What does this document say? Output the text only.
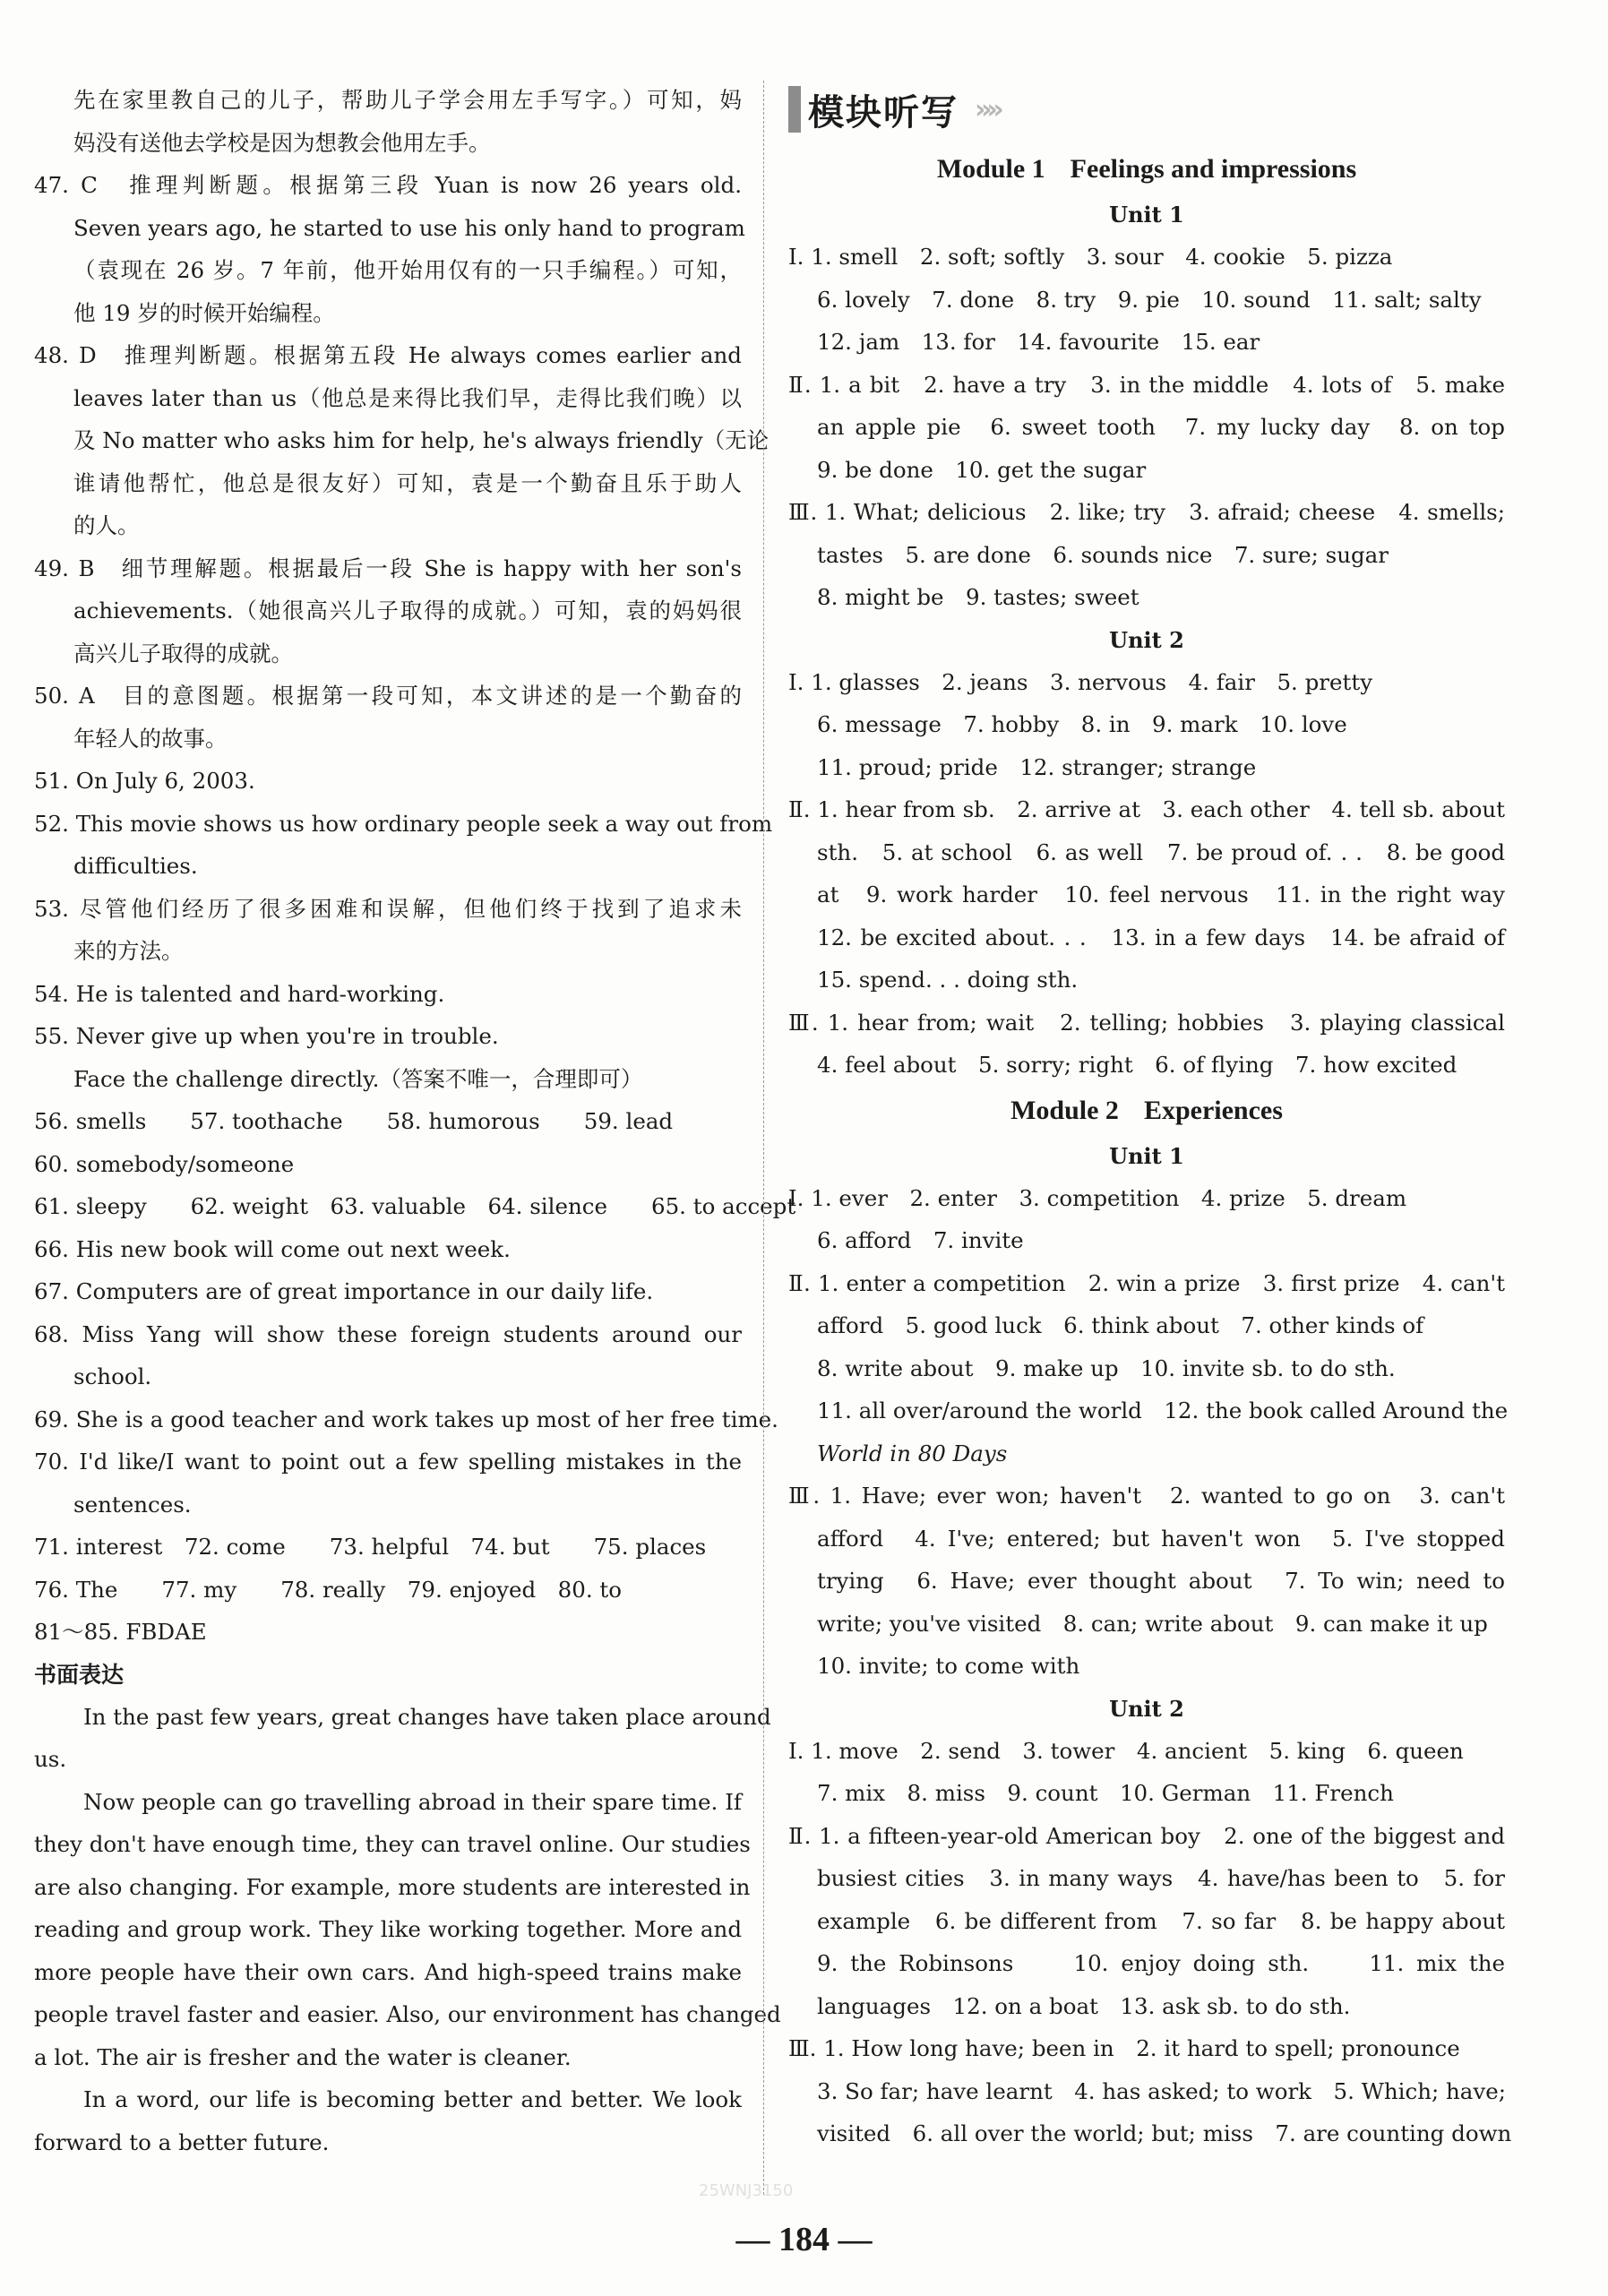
先在家里教自己的儿子，帮助儿子学会用左手写字。）可知，妈
妈没有送他去学校是因为想教会他用左手。
47. C　推理判断题。根据第三段 Yuan is now 26 years old.
Seven years ago, he started to use his only hand to program
（袁现在 26 岁。7 年前，他开始用仅有的一只手编程。）可知，
他 19 岁的时候开始编程。
48. D　推理判断题。根据第五段 He always comes earlier and
leaves later than us（他总是来得比我们早，走得比我们晚）以
及 No matter who asks him for help, he's always friendly（无论
谁请他帮忙，他总是很友好）可知，袁是一个勤奋且乐于助人
的人。
49. B　细节理解题。根据最后一段 She is happy with her son's
achievements.（她很高兴儿子取得的成就。）可知，袁的妈妈很
高兴儿子取得的成就。
50. A　目的意图题。根据第一段可知，本文讲述的是一个勤奋的
年轻人的故事。
51. On July 6, 2003.
52. This movie shows us how ordinary people seek a way out from
difficulties.
53. 尽管他们经历了很多困难和误解，但他们终于找到了追求未
来的方法。
54. He is talented and hard-working.
55. Never give up when you're in trouble.
Face the challenge directly.（答案不唯一，合理即可）
56. smells　　57. toothache　　58. humorous　　59. lead
60. somebody/someone
61. sleepy　　62. weight　63. valuable　64. silence　　65. to accept
66. His new book will come out next week.
67. Computers are of great importance in our daily life.
68. Miss Yang will show these foreign students around our
school.
69. She is a good teacher and work takes up most of her free time.
70. I'd like/I want to point out a few spelling mistakes in the
sentences.
71. interest　72. come　　73. helpful　74. but　　75. places
76. The　　77. my　　78. really　79. enjoyed　80. to
81～85. FBDAE
书面表达
In the past few years, great changes have taken place around
us.
Now people can go travelling abroad in their spare time. If
they don't have enough time, they can travel online. Our studies
are also changing. For example, more students are interested in
reading and group work. They like working together. More and
more people have their own cars. And high-speed trains make
people travel faster and easier. Also, our environment has changed
a lot. The air is fresher and the water is cleaner.
In a word, our life is becoming better and better. We look
forward to a better future.
模块听写 »»
Module 1 Feelings and impressions
Unit 1
Ⅰ. 1. smell　2. soft; softly　3. sour　4. cookie　5. pizza
6. lovely　7. done　8. try　9. pie　10. sound　11. salt; salty
12. jam　13. for　14. favourite　15. ear
Ⅱ. 1. a bit　2. have a try　3. in the middle　4. lots of　5. make
an apple pie　6. sweet tooth　7. my lucky day　8. on top
9. be done　10. get the sugar
Ⅲ. 1. What; delicious　2. like; try　3. afraid; cheese　4. smells;
tastes　5. are done　6. sounds nice　7. sure; sugar
8. might be　9. tastes; sweet
Unit 2
Ⅰ. 1. glasses　2. jeans　3. nervous　4. fair　5. pretty
6. message　7. hobby　8. in　9. mark　10. love
11. proud; pride　12. stranger; strange
Ⅱ. 1. hear from sb.　2. arrive at　3. each other　4. tell sb. about
sth.　5. at school　6. as well　7. be proud of. . .　8. be good
at　9. work harder　10. feel nervous　11. in the right way
12. be excited about. . .　13. in a few days　14. be afraid of
15. spend. . . doing sth.
Ⅲ. 1. hear from; wait　2. telling; hobbies　3. playing classical
4. feel about　5. sorry; right　6. of flying　7. how excited
Module 2 Experiences
Unit 1
Ⅰ. 1. ever　2. enter　3. competition　4. prize　5. dream
6. afford　7. invite
Ⅱ. 1. enter a competition　2. win a prize　3. first prize　4. can't
afford　5. good luck　6. think about　7. other kinds of
8. write about　9. make up　10. invite sb. to do sth.
11. all over/around the world　12. the book called Around the
World in 80 Days
Ⅲ. 1. Have; ever won; haven't　2. wanted to go on　3. can't
afford　4. I've; entered; but haven't won　5. I've stopped
trying　6. Have; ever thought about　7. To win; need to
write; you've visited　8. can; write about　9. can make it up
10. invite; to come with
Unit 2
Ⅰ. 1. move　2. send　3. tower　4. ancient　5. king　6. queen
7. mix　8. miss　9. count　10. German　11. French
Ⅱ. 1. a fifteen-year-old American boy　2. one of the biggest and
busiest cities　3. in many ways　4. have/has been to　5. for
example　6. be different from　7. so far　8. be happy about
9. the Robinsons　　10. enjoy doing sth.　　11. mix the
languages　12. on a boat　13. ask sb. to do sth.
Ⅲ. 1. How long have; been in　2. it hard to spell; pronounce
3. So far; have learnt　4. has asked; to work　5. Which; have;
visited　6. all over the world; but; miss　7. are counting down
25WNJ3150
— 184 —
